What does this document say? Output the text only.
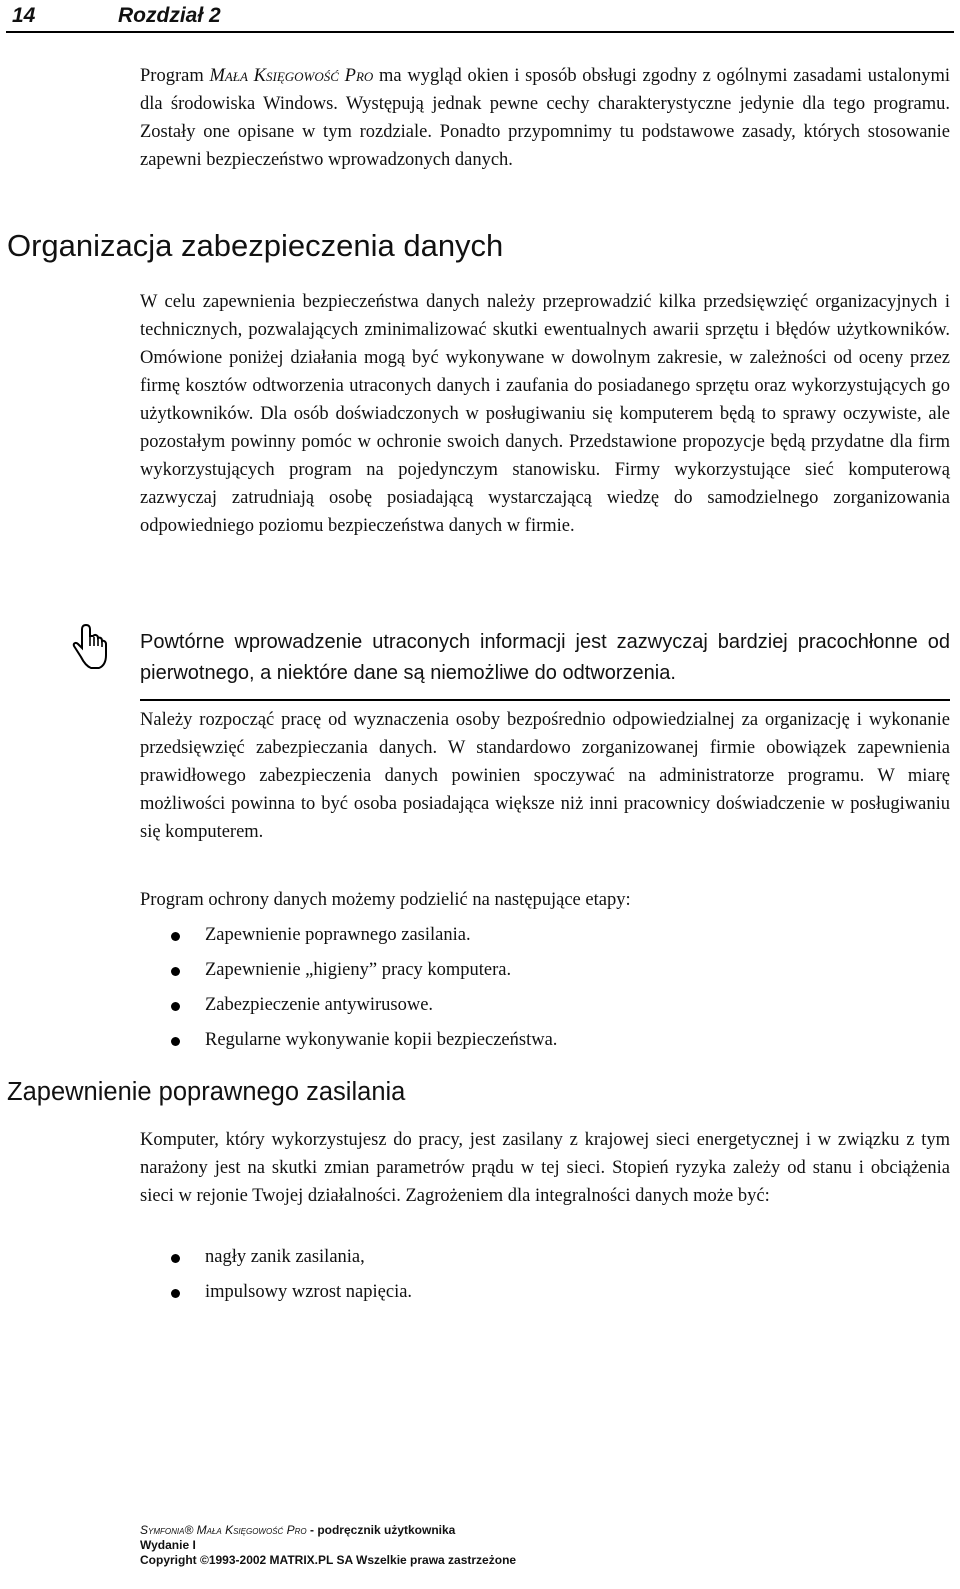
14	Rozdział 2

Program Mała Księgowość Pro ma wygląd okien i sposób obsługi zgodny z ogólnymi zasadami ustalonymi dla środowiska Windows. Występują jednak pewne cechy charakterystyczne jedynie dla tego programu. Zostały one opisane w tym rozdziale. Ponadto przypomnimy tu podstawowe zasady, których stosowanie zapewni bezpieczeństwo wprowadzonych danych.

Organizacja zabezpieczenia danych

W celu zapewnienia bezpieczeństwa danych należy przeprowadzić kilka przedsięwzięć organizacyjnych i technicznych, pozwalających zminimalizować skutki ewentualnych awarii sprzętu i błędów użytkowników. Omówione poniżej działania mogą być wykonywane w dowolnym zakresie, w zależności od oceny przez firmę kosztów odtworzenia utraconych danych i zaufania do posiadanego sprzętu oraz wykorzystujących go użytkowników. Dla osób doświadczonych w posługiwaniu się komputerem będą to sprawy oczywiste, ale pozostałym powinny pomóc w ochronie swoich danych. Przedstawione propozycje będą przydatne dla firm wykorzystujących program na pojedynczym stanowisku. Firmy wykorzystujące sieć komputerową zazwyczaj zatrudniają osobę posiadającą wystarczającą wiedzę do samodzielnego zorganizowania odpowiedniego poziomu bezpieczeństwa danych w firmie.

Powtórne wprowadzenie utraconych informacji jest zazwyczaj bardziej pracochłonne od pierwotnego, a niektóre dane są niemożliwe do odtworzenia.

Należy rozpocząć pracę od wyznaczenia osoby bezpośrednio odpowiedzialnej za organizację i wykonanie przedsięwzięć zabezpieczania danych. W standardowo zorganizowanej firmie obowiązek zapewnienia prawidłowego zabezpieczenia danych powinien spoczywać na administratorze programu. W miarę możliwości powinna to być osoba posiadająca większe niż inni pracownicy doświadczenie w posługiwaniu się komputerem.

Program ochrony danych możemy podzielić na następujące etapy:

Zapewnienie poprawnego zasilania.
Zapewnienie „higieny” pracy komputera.
Zabezpieczenie antywirusowe.
Regularne wykonywanie kopii bezpieczeństwa.
Zapewnienie poprawnego zasilania

Komputer, który wykorzystujesz do pracy, jest zasilany z krajowej sieci energetycznej i w związku z tym narażony jest na skutki zmian parametrów prądu w tej sieci. Stopień ryzyka zależy od stanu i obciążenia sieci w rejonie Twojej działalności. Zagrożeniem dla integralności danych może być:

nagły zanik zasilania,
impulsowy wzrost napięcia.
Symfonia® Mała Księgowość Pro - podręcznik użytkownika
Wydanie I
Copyright ©1993-2002 MATRIX.PL SA Wszelkie prawa zastrzeżone
